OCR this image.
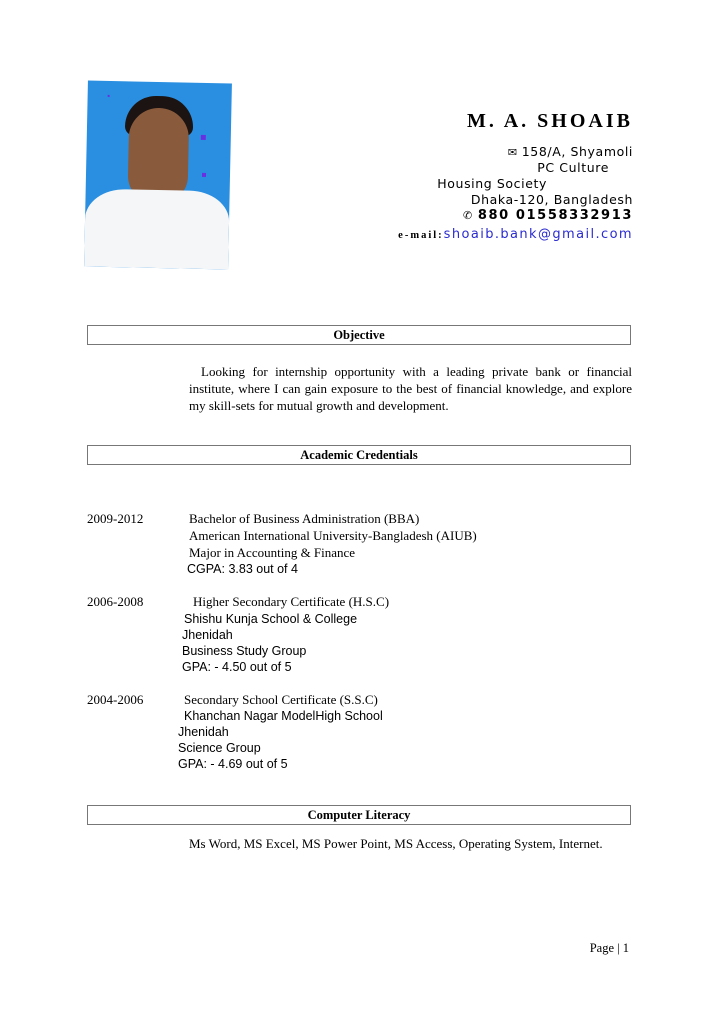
M. A. SHOAIB
✉ 158/A, Shyamoli
PC Culture
Housing Society
Dhaka-120, Bangladesh
✆ 880 01558332913
e-mail:shoaib.bank@gmail.com
Objective
Looking for internship opportunity with a leading private bank or financial institute, where I can gain exposure to the best of financial knowledge, and explore my skill-sets for mutual growth and development.
Academic Credentials
2009-2012	Bachelor of Business Administration (BBA)
American International University-Bangladesh (AIUB)
Major in Accounting & Finance
CGPA: 3.83 out of 4
2006-2008	Higher Secondary Certificate (H.S.C)
Shishu Kunja School & College
Jhenidah
Business Study Group
GPA: - 4.50 out of 5
2004-2006	Secondary School Certificate (S.S.C)
Khanchan Nagar ModelHigh School
Jhenidah
Science Group
GPA: - 4.69 out of 5
Computer Literacy
Ms Word, MS Excel, MS Power Point, MS Access, Operating System, Internet.
Page | 1
